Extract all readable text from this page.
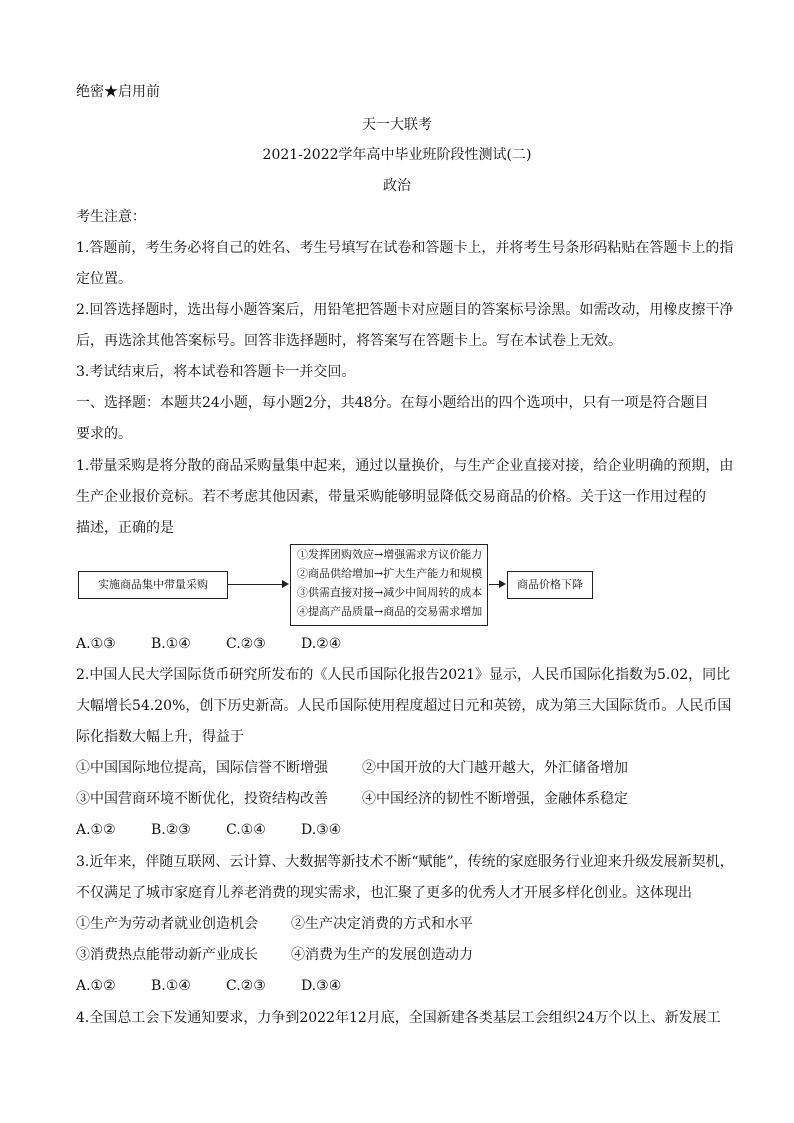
绝密★启用前
天一大联考
2021-2022学年高中毕业班阶段性测试(二)
政治
考生注意：
1.答题前，考生务必将自己的姓名、考生号填写在试卷和答题卡上，并将考生号条形码粘贴在答题卡上的指
定位置。
2.回答选择题时，选出每小题答案后，用铅笔把答题卡对应题目的答案标号涂黑。如需改动，用橡皮擦干净
后，再选涂其他答案标号。回答非选择题时，将答案写在答题卡上。写在本试卷上无效。
3.考试结束后，将本试卷和答题卡一并交回。
一、选择题：本题共24小题，每小题2分，共48分。在每小题给出的四个选项中，只有一项是符合题目
要求的。
1.带量采购是将分散的商品采购量集中起来，通过以量换价，与生产企业直接对接，给企业明确的预期，由
生产企业报价竞标。若不考虑其他因素，带量采购能够明显降低交易商品的价格。关于这一作用过程的
描述，正确的是
实施商品集中带量采购
①发挥团购效应→增强需求方议价能力
②商品供给增加→扩大生产能力和规模
③供需直接对接→减少中间周转的成本
④提高产品质量→商品的交易需求增加
商品价格下降
A.①③	B.①④	C.②③	D.②④
2.中国人民大学国际货币研究所发布的《人民币国际化报告2021》显示，人民币国际化指数为5.02，同比
大幅增长54.20%，创下历史新高。人民币国际使用程度超过日元和英镑，成为第三大国际货币。人民币国
际化指数大幅上升，得益于
①中国国际地位提高，国际信誉不断增强 ②中国开放的大门越开越大，外汇储备增加
③中国营商环境不断优化，投资结构改善 ④中国经济的韧性不断增强，金融体系稳定
A.①②	B.②③	C.①④	D.③④
3.近年来，伴随互联网、云计算、大数据等新技术不断“赋能”，传统的家庭服务行业迎来升级发展新契机，
不仅满足了城市家庭育儿养老消费的现实需求，也汇聚了更多的优秀人才开展多样化创业。这体现出
①生产为劳动者就业创造机会 ②生产决定消费的方式和水平
③消费热点能带动新产业成长 ④消费为生产的发展创造动力
A.①②	B.①④	C.②③	D.③④
4.全国总工会下发通知要求，力争到2022年12月底，全国新建各类基层工会组织24万个以上、新发展工
